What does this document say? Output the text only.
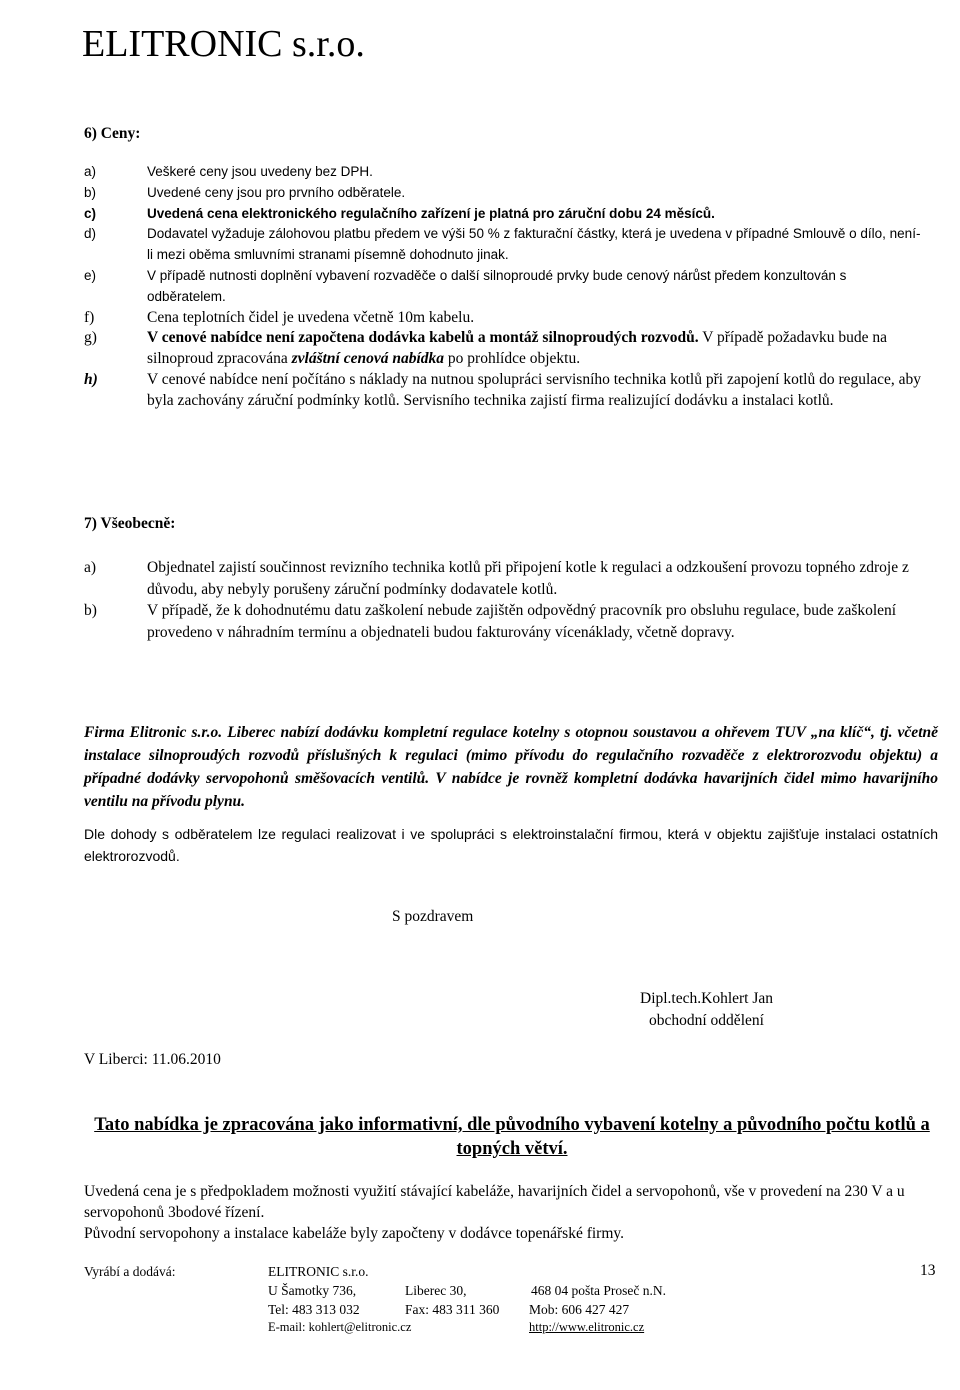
ELITRONIC s.r.o.
6) Ceny:
a)	Veškeré ceny jsou uvedeny bez DPH.
b)	Uvedené ceny jsou pro prvního odběratele.
c)	Uvedená cena elektronického regulačního zařízení je platná pro záruční dobu 24 měsíců.
d)	Dodavatel vyžaduje zálohovou platbu předem ve výši 50 % z fakturační částky, která je uvedena v případné Smlouvě o dílo, není-li mezi oběma smluvními stranami písemně dohodnuto jinak.
e)	V případě nutnosti doplnění vybavení rozvaděče o další silnoproudé prvky bude cenový nárůst předem konzultován s odběratelem.
f)	Cena teplotních čidel je uvedena včetně 10m kabelu.
g)	V cenové nabídce není započtena dodávka kabelů a montáž silnoproudých rozvodů. V případě požadavku bude na silnoproud zpracována zvláštní cenová nabídka po prohlídce objektu.
h)	V cenové nabídce není počítáno s náklady na nutnou spolupráci servisního technika kotlů při zapojení kotlů do regulace, aby byla zachovány záruční podmínky kotlů. Servisního technika zajistí firma realizující dodávku a instalaci kotlů.
7) Všeobecně:
a)	Objednatel zajistí součinnost revizního technika kotlů při připojení kotle k regulaci a odzkoušení provozu topného zdroje z důvodu, aby nebyly porušeny záruční podmínky dodavatele kotlů.
b)	V případě, že k dohodnutému datu zaškolení nebude zajištěn odpovědný pracovník pro obsluhu regulace, bude zaškolení provedeno v náhradním termínu a objednateli budou fakturovány vícenáklady, včetně dopravy.
Firma Elitronic s.r.o. Liberec nabízí dodávku kompletní regulace kotelny s otopnou soustavou a ohřevem TUV „nа klíč“, tj. včetně instalace silnoproudých rozvodů příslušných k regulaci (mimo přívodu do regulačního rozvaděče z elektrorozvodu objektu) a případné dodávky servopohonů směšovacích ventilů. V nabídce je rovněž kompletní dodávka havarijních čidel mimo havarijního ventilu na přívodu plynu.
Dle dohody s odběratelem lze regulaci realizovat i ve spolupráci s elektroinstalační firmou, která v objektu zajišťuje instalaci ostatních elektrorozvodů.
S pozdravem
Dipl.tech.Kohlert Jan
obchodní oddělení
V Liberci: 11.06.2010
Tato nabídka je zpracována jako informativní, dle původního vybavení kotelny a původního počtu kotlů a topných větví.
Uvedená cena je s předpokladem možnosti využití stávající kabeláže, havarijních čidel a servopohonů, vše v provedení na 230 V a u servopohonů 3bodové řízení.
Původní servopohony a instalace kabeláže byly započteny v dodávce topenářské firmy.
Vyrábí a dodává:	ELITRONIC s.r.o.
U Šamotky 736,	Liberec 30,	468 04 pošta Proseč n.N.
Tel: 483 313 032	Fax: 483 311 360 Mob: 606 427 427
E-mail: kohlert@elitronic.cz	http://www.elitronic.cz
13
